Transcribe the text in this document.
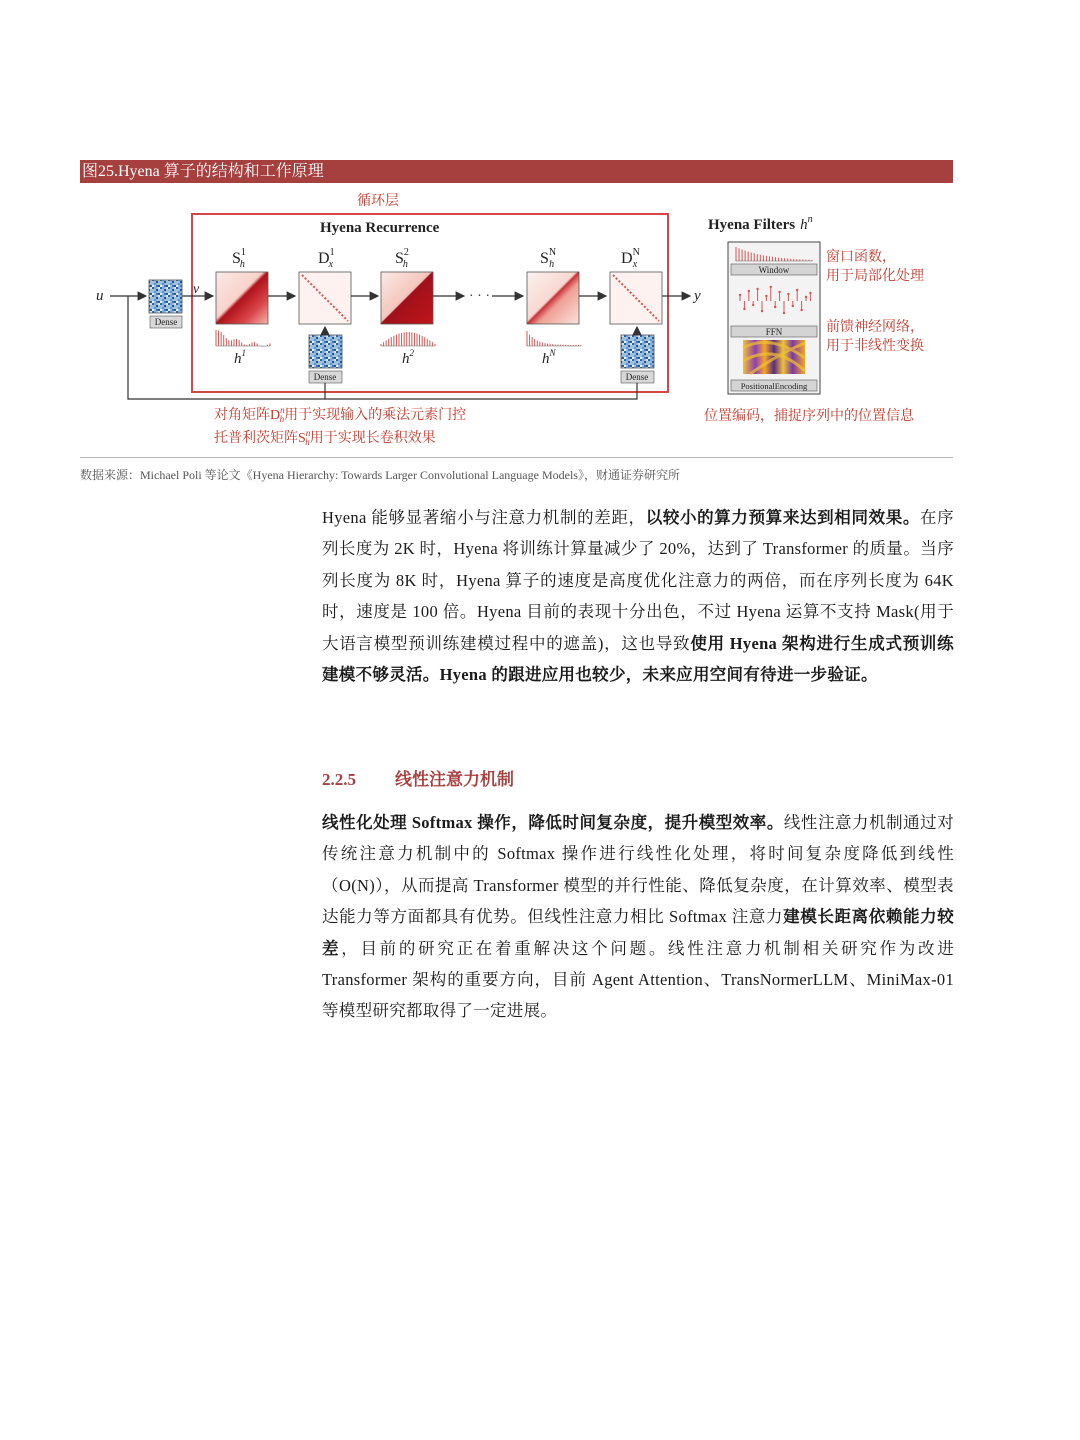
图25.Hyena 算子的结构和工作原理
循环层
Hyena Recurrence
u
Dense
v	· · ·	y
$S^1$ h	$D^1$ x	$S^2$ h	$S^N$ h	$D^N$ x
$h^1$	$h^2$	$h^N$
Dense	Dense
对角矩阵$D^n$ h用于实现输入的乘法元素门控
托普利茨矩阵$S^n$ h用于实现长卷积效果
Hyena Filters $h^n$
Window
FFN
PositionalEncoding
窗口函数，
用于局部化处理
前馈神经网络，
用于非线性变换
位置编码，捕捉序列中的位置信息
数据来源：Michael Poli 等论文《Hyena Hierarchy: Towards Larger Convolutional Language Models》，财通证券研究所

Hyena 能够显著缩小与注意力机制的差距，以较小的算力预算来达到相同效果。在序列长度为 2K 时，Hyena 将训练计算量减少了 20%，达到了 Transformer 的质量。当序列长度为 8K 时，Hyena 算子的速度是高度优化注意力的两倍，而在序列长度为 64K 时，速度是 100 倍。Hyena 目前的表现十分出色，不过 Hyena 运算不支持 Mask(用于大语言模型预训练建模过程中的遮盖)，这也导致使用 Hyena 架构进行生成式预训练建模不够灵活。Hyena 的跟进应用也较少，未来应用空间有待进一步验证。

2.2.5 线性注意力机制

线性化处理 Softmax 操作，降低时间复杂度，提升模型效率。线性注意力机制通过对传统注意力机制中的 Softmax 操作进行线性化处理，将时间复杂度降低到线性（O(N)），从而提高 Transformer 模型的并行性能、降低复杂度，在计算效率、模型表达能力等方面都具有优势。但线性注意力相比 Softmax 注意力建模长距离依赖能力较差，目前的研究正在着重解决这个问题。线性注意力机制相关研究作为改进 Transformer 架构的重要方向，目前 Agent Attention、TransNormerLLM、MiniMax-01 等模型研究都取得了一定进展。
